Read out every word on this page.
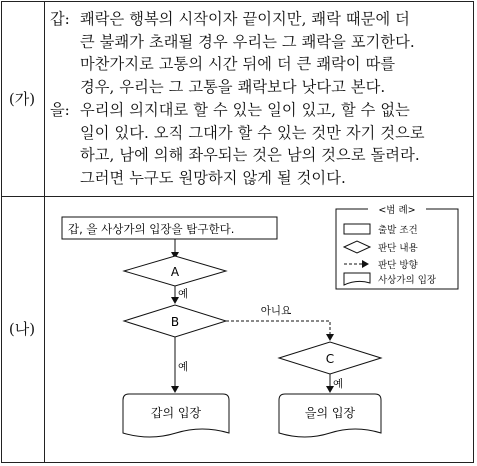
(가)
갑: 쾌락은 행복의 시작이자 끝이지만, 쾌락 때문에 더
큰 불쾌가 초래될 경우 우리는 그 쾌락을 포기한다.
마찬가지로 고통의 시간 뒤에 더 큰 쾌락이 따를
경우, 우리는 그 고통을 쾌락보다 낫다고 본다.
을: 우리의 의지대로 할 수 있는 일이 있고, 할 수 없는
일이 있다. 오직 그대가 할 수 있는 것만 자기 것으로
하고, 남에 의해 좌우되는 것은 남의 것으로 돌려라.
그러면 누구도 원망하지 않게 될 것이다.
(나)
갑, 을 사상가의 입장을 탐구한다.
A
예
B
아니요
예
C
예
갑의 입장	을의 입장
<범 례>
출발 조건
판단 내용
판단 방향
사상가의 입장
